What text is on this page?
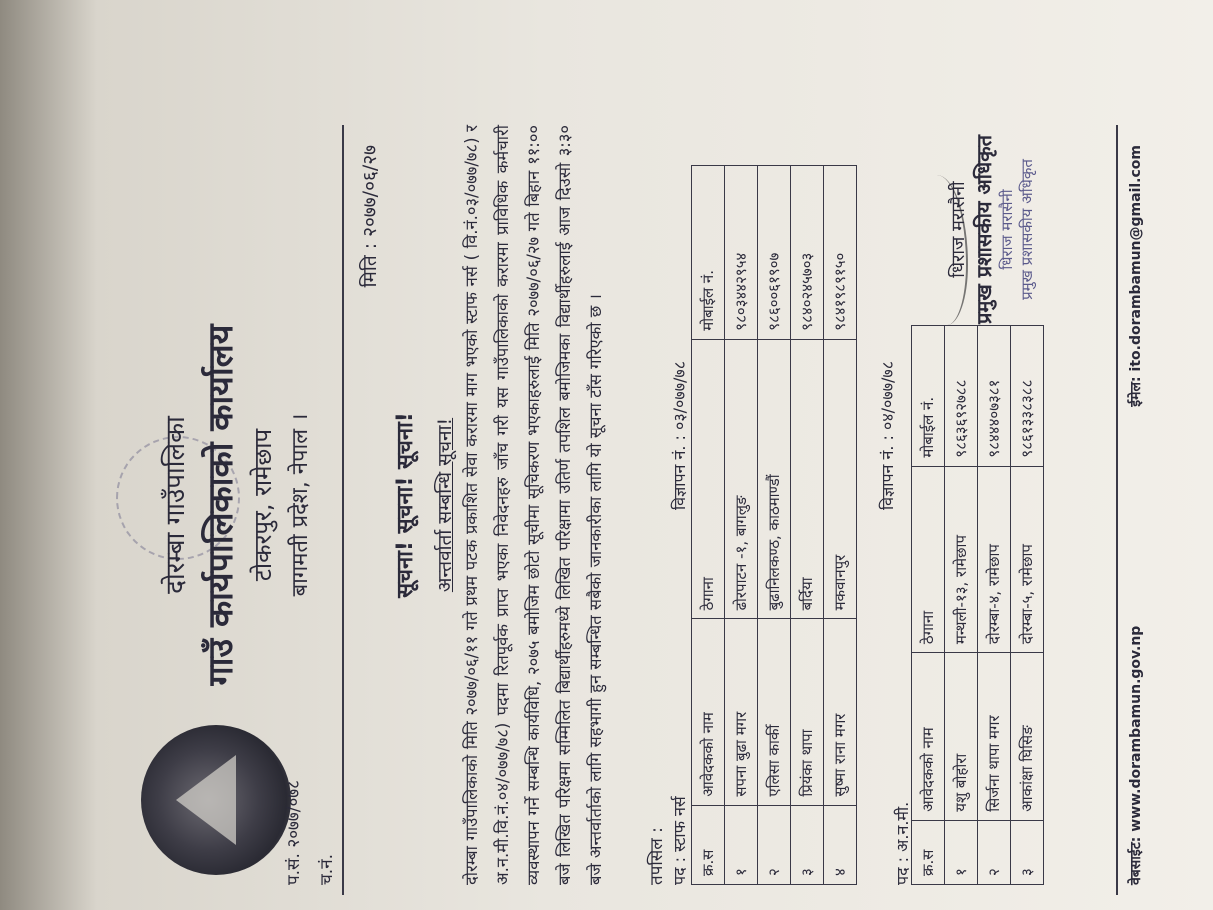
दोरम्बा गाउँपालिका गाउँ कार्यपालिकाको कार्यालय टोकरपुर, रामेछाप बागमती प्रदेश, नेपाल ।
प.सं. २०७७/०७८ च.नं.
मिति : २०७७/०६/२७
सूचना! सूचना! सूचना! अन्तर्वार्ता सम्बन्धि सूचना! दोरम्बा गाउँपालिकाको मिति २०७७/०६/११ गते प्रथम पटक प्रकाशित सेवा करारमा माग भएको स्टाफ नर्स ( वि.नं.०३/०७७/७८) र अ.न.मी.वि.नं.०४/०७७/७८) पदमा रितपूर्वक प्राप्त भएका निवेदनहरु जाँच गरी यस गाउँपालिकाको करारमा प्राविधिक कर्मचारी व्यवस्थापन गर्ने सम्बन्धि कार्यविधि, २०७५ बमोजिम छोटो सूचीमा सूचिकरण भएकाहरुलाई मिति २०७७/०६/२७ गते बिहान ११:०० बजे लिखित परिक्षमा सम्मिलित बिद्यार्थीहरुमध्ये लिखित परिक्षामा उतिर्ण तपशिल बमोजिमका विद्यार्थीहरुलाई आज दिउसो ३:३० बजे अन्तर्वार्ताको लागि सहभागी हुन सम्बन्धित सबैको जानकारीका लागि यो सूचना टाँस गरिएको छ ।	तपसिल : पद : स्टाफ नर्स
विज्ञापन नं. : ०३/०७७/७८
क्र.स	आवेदकको नाम	ठेगाना	मोबाईल नं.
१	सपना बुढा मगर	ढोरपाटन -१, बागलुङ	९८०३४४२९५४
२	एलिसा कार्की	बुढानिलकण्ठ, काठमाण्डौं	९८६००६१९०७
३	प्रियंका थापा	बर्दिया	९८४०२४५७०३
४	सुष्मा राना मगर	मकवानपुर	९८४१९८९१५०
पद : अ.न.मी.
विज्ञापन नं. : ०४/०७७/७८
क्र.स	आवेदकको नाम	ठेगाना	मोबाईल नं.
१	यशु बोहोरा	मन्थली-१३, रामेछाप	९८६३६९२७८८
२	सिर्जना थापा मगर	दोरम्बा-४, रामेछाप	९८४४४०७३८१
३	आकांक्षा घिसिङ	दोरम्बा-५, रामेछाप	९८६१३३८३८८
धिराज मरासैनी प्रमुख प्रशासकीय अधिकृत धिराज मरासैनी प्रमुख प्रशासकीय अधिकृत
वेबसाईट: www.dorambamun.gov.np
ईमेल: ito.dorambamun@gmail.com
